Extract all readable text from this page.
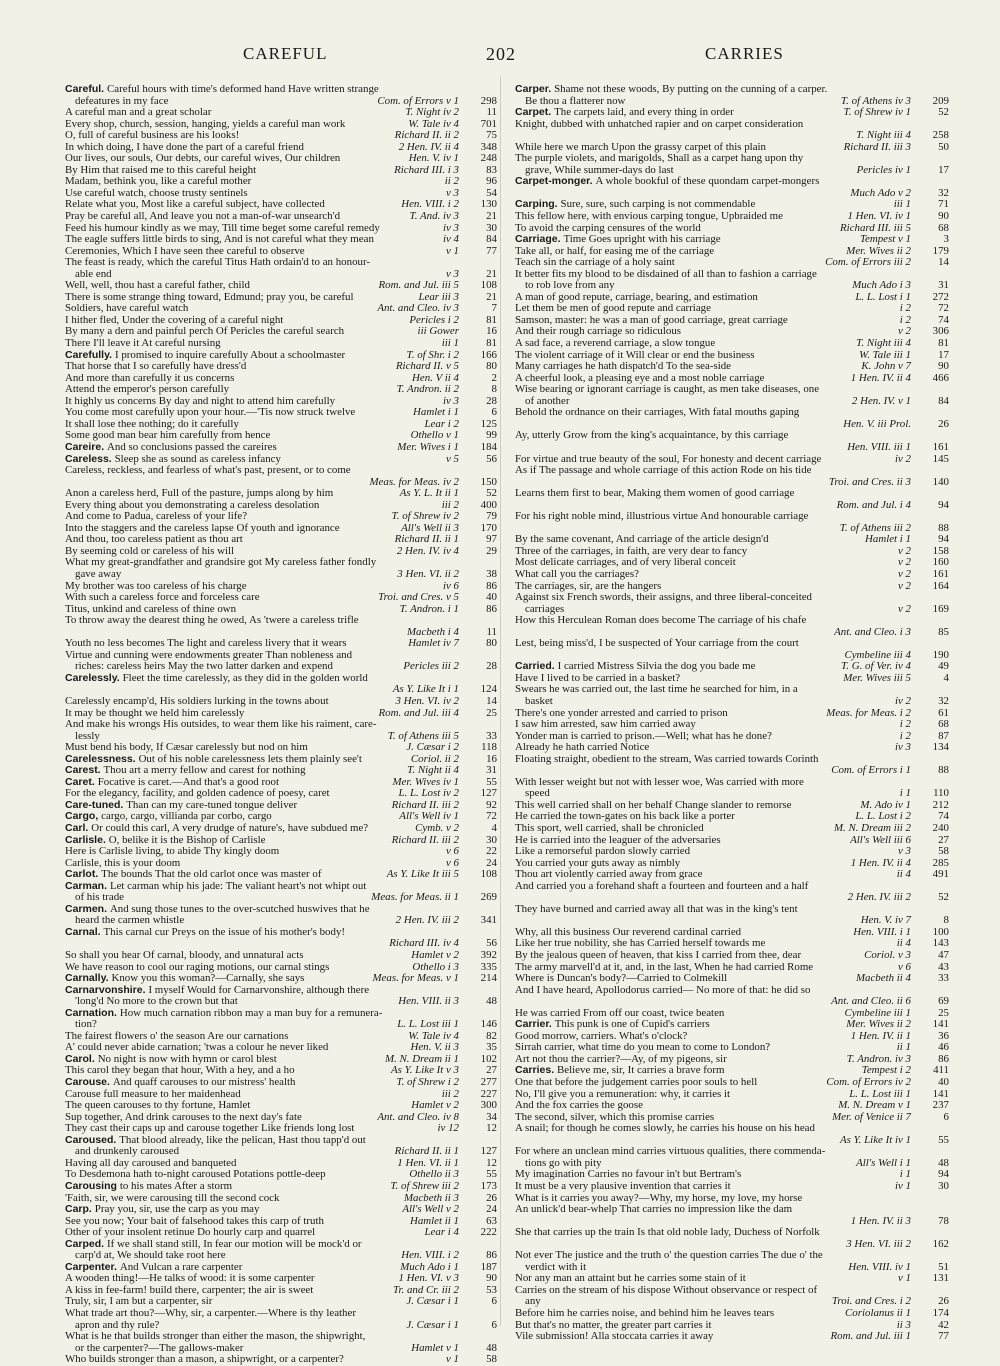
CAREFUL	202	CARRIES
Careful. Careful hours with time's deformed hand Have written strange
defeatures in my face	Com. of Errors v 1 298
A careful man and a great scholar	T. Night iv 2	11
Every shop, church, session, hanging, yields a careful man work	W. Tale iv 4 701
O, full of careful business are his looks!	Richard II. ii 2 75
In which doing, I have done the part of a careful friend	2 Hen. IV. ii 4 348
Our lives, our souls, Our debts, our careful wives, Our children	Hen. V. iv 1 248
By Him that raised me to this careful height	Richard III. i 3 83
Madam, bethink you, like a careful mother	ii 2 96
Use careful watch, choose trusty sentinels	v 3 54
Relate what you, Most like a careful subject, have collected	Hen. VIII. i 2 130
Pray be careful all, And leave you not a man-of-war unsearch'd	T. And. iv 3 21
Feed his humour kindly as we may, Till time beget some careful remedy	iv 3 30
The eagle suffers little birds to sing, And is not careful what they mean	iv 4 84
Ceremonies, Which I have seen thee careful to observe	v 1 77
The feast is ready, which the careful Titus Hath ordain'd to an honour-
able end	v 3 21
Well, well, thou hast a careful father, child	Rom. and Jul. iii 5 108
There is some strange thing toward, Edmund; pray you, be careful	Lear iii 3 21
Soldiers, have careful watch	Ant. and Cleo. iv 3	7
I hither fled, Under the covering of a careful night	Pericles i 2 81
By many a dern and painful perch Of Pericles the careful search	iii Gower 16
There I'll leave it At careful nursing	iii 1 81
Carefully. I promised to inquire carefully About a schoolmaster	T. of Shr. i 2 166
That horse that I so carefully have dress'd	Richard II. v 5 80
And more than carefully it us concerns	Hen. V ii 4	2
Attend the emperor's person carefully	T. Andron. ii 2	8
It highly us concerns By day and night to attend him carefully	iv 3 28
You come most carefully upon your hour.—'Tis now struck twelve	Hamlet i 1	6
It shall lose thee nothing; do it carefully	Lear i 2 125
Some good man bear him carefully from hence	Othello v 1 99
Careire. And so conclusions passed the careires	Mer. Wives i 1 184
Careless. Sleep she as sound as careless infancy	v 5 56
Careless, reckless, and fearless of what's past, present, or to come
Meas. for Meas. iv 2 150
Anon a careless herd, Full of the pasture, jumps along by him	As Y. L. It ii 1 52
Every thing about you demonstrating a careless desolation	iii 2 400
And come to Padua, careless of your life?	T. of Shrew iv 2 79
Into the staggers and the careless lapse Of youth and ignorance	All's Well ii 3 170
And thou, too careless patient as thou art	Richard II. ii 1 97
By seeming cold or careless of his will	2 Hen. IV. iv 4 29
What my great-grandfather and grandsire got My careless father fondly
gave away	3 Hen. VI. ii 2 38
My brother was too careless of his charge	iv 6 86
With such a careless force and forceless care	Troi. and Cres. v 5 40
Titus, unkind and careless of thine own	T. Andron. i 1 86
To throw away the dearest thing he owed, As 'twere a careless trifle
Macbeth i 4	11
Youth no less becomes The light and careless livery that it wears	Hamlet iv 7 80
Virtue and cunning were endowments greater Than nobleness and
riches: careless heirs May the two latter darken and expend	Pericles iii 2 28
Carelessly. Fleet the time carelessly, as they did in the golden world
As Y. Like It i 1 124
Carelessly encamp'd, His soldiers lurking in the towns about	3 Hen. VI. iv 2 14
It may be thought we held him carelessly	Rom. and Jul. iii 4 25
And make his wrongs His outsides, to wear them like his raiment, care-
lessly	T. of Athens iii 5 33
Must bend his body, If Cæsar carelessly but nod on him	J. Cæsar i 2 118
Carelessness. Out of his noble carelessness lets them plainly see't	Coriol. ii 2 16
Carest. Thou art a merry fellow and carest for nothing	T. Night ii 4 31
Caret. Focative is caret.—And that's a good root	Mer. Wives iv 1 55
For the elegancy, facility, and golden cadence of poesy, caret	L. L. Lost iv 2 127
Care-tuned. Than can my care-tuned tongue deliver	Richard II. iii 2 92
Cargo, cargo, cargo, villianda par corbo, cargo	All's Well iv 1 72
Carl. Or could this carl, A very drudge of nature's, have subdued me?	Cymb. v 2	4
Carlisle. O, belike it is the Bishop of Carlisle	Richard II. iii 2 30
Here is Carlisle living, to abide Thy kingly doom	v 6 22
Carlisle, this is your doom	v 6 24
Carlot. The bounds That the old carlot once was master of	As Y. Like It iii 5 108
Carman. Let carman whip his jade: The valiant heart's not whipt out
of his trade	Meas. for Meas. ii 1 269
Carmen. And sung those tunes to the over-scutched huswives that he
heard the carmen whistle	2 Hen. IV. iii 2 341
Carnal. This carnal cur Preys on the issue of his mother's body!
Richard III. iv 4 56
So shall you hear Of carnal, bloody, and unnatural acts	Hamlet v 2 392
We have reason to cool our raging motions, our carnal stings	Othello i 3 335
Carnally. Know you this woman?—Carnally, she says	Meas. for Meas. v 1 214
Carnarvonshire. I myself Would for Carnarvonshire, although there
'long'd No more to the crown but that	Hen. VIII. ii 3 48
Carnation. How much carnation ribbon may a man buy for a remunera-
tion?	L. L. Lost iii 1 146
The fairest flowers o' the season Are our carnations	W. Tale iv 4 82
A' could never abide carnation; 'twas a colour he never liked	Hen. V. ii 3 35
Carol. No night is now with hymn or carol blest	M. N. Dream ii 1 102
This carol they began that hour, With a hey, and a ho	As Y. Like It v 3 27
Carouse. And quaff carouses to our mistress' health	T. of Shrew i 2 277
Carouse full measure to her maidenhead	iii 2 227
The queen carouses to thy fortune, Hamlet	Hamlet v 2 300
Sup together, And drink carouses to the next day's fate	Ant. and Cleo. iv 8 34
They cast their caps up and carouse together Like friends long lost	iv 12 12
Caroused. That blood already, like the pelican, Hast thou tapp'd out
and drunkenly caroused	Richard II. ii 1 127
Having all day caroused and banqueted	1 Hen. VI. ii 1 12
To Desdemona hath to-night caroused Potations pottle-deep	Othello ii 3 55
Carousing to his mates After a storm	T. of Shrew iii 2 173
'Faith, sir, we were carousing till the second cock	Macbeth ii 3 26
Carp. Pray you, sir, use the carp as you may	All's Well v 2 24
See you now; Your bait of falsehood takes this carp of truth	Hamlet ii 1 63
Other of your insolent retinue Do hourly carp and quarrel	Lear i 4 222
Carped. If we shall stand still, In fear our motion will be mock'd or
carp'd at, We should take root here	Hen. VIII. i 2 86
Carpenter. And Vulcan a rare carpenter	Much Ado i 1 187
A wooden thing!—He talks of wood: it is some carpenter	1 Hen. VI. v 3 90
A kiss in fee-farm! build there, carpenter; the air is sweet	Tr. and Cr. iii 2 53
Truly, sir, I am but a carpenter, sir	J. Cæsar i 1	6
What trade art thou?—Why, sir, a carpenter.—Where is thy leather
apron and thy rule?	J. Cæsar i 1	6
What is he that builds stronger than either the mason, the shipwright,
or the carpenter?—The gallows-maker	Hamlet v 1 48
Who builds stronger than a mason, a shipwright, or a carpenter?	v 1 58
Carper. Shame not these woods, By putting on the cunning of a carper.
Be thou a flatterer now	T. of Athens iv 3 209
Carpet. The carpets laid, and every thing in order	T. of Shrew iv 1 52
Knight, dubbed with unhatched rapier and on carpet consideration
T. Night iii 4 258
While here we march Upon the grassy carpet of this plain	Richard II. iii 3 50
The purple violets, and marigolds, Shall as a carpet hang upon thy
grave, While summer-days do last	Pericles iv 1 17
Carpet-monger. A whole bookful of these quondam carpet-mongers
Much Ado v 2 32
Carping. Sure, sure, such carping is not commendable	iii 1 71
This fellow here, with envious carping tongue, Upbraided me	1 Hen. VI. iv 1 90
To avoid the carping censures of the world	Richard III. iii 5 68
Carriage. Time Goes upright with his carriage	Tempest v 1	3
Take all, or half, for easing me of the carriage	Mer. Wives ii 2 179
Teach sin the carriage of a holy saint	Com. of Errors iii 2 14
It better fits my blood to be disdained of all than to fashion a carriage
to rob love from any	Much Ado i 3 31
A man of good repute, carriage, bearing, and estimation	L. L. Lost i 1 272
Let them be men of good repute and carriage	i 2 72
Samson, master: he was a man of good carriage, great carriage	i 2 74
And their rough carriage so ridiculous	v 2 306
A sad face, a reverend carriage, a slow tongue	T. Night iii 4 81
The violent carriage of it Will clear or end the business	W. Tale iii 1 17
Many carriages he hath dispatch'd To the sea-side	K. John v 7 90
A cheerful look, a pleasing eye and a most noble carriage	1 Hen. IV. ii 4 466
Wise bearing or ignorant carriage is caught, as men take diseases, one
of another	2 Hen. IV. v 1 84
Behold the ordnance on their carriages, With fatal mouths gaping
Hen. V. iii Prol. 26
Ay, utterly Grow from the king's acquaintance, by this carriage
Hen. VIII. iii 1 161
For virtue and true beauty of the soul, For honesty and decent carriage	iv 2 145
As if The passage and whole carriage of this action Rode on his tide
Troi. and Cres. ii 3 140
Learns them first to bear, Making them women of good carriage
Rom. and Jul. i 4 94
For his right noble mind, illustrious virtue And honourable carriage
T. of Athens iii 2 88
By the same covenant, And carriage of the article design'd	Hamlet i 1 94
Three of the carriages, in faith, are very dear to fancy	v 2 158
Most delicate carriages, and of very liberal conceit	v 2 160
What call you the carriages?	v 2 161
The carriages, sir, are the hangers	v 2 164
Against six French swords, their assigns, and three liberal-conceited
carriages	v 2 169
How this Herculean Roman does become The carriage of his chafe
Ant. and Cleo. i 3 85
Lest, being miss'd, I be suspected of Your carriage from the court
Cymbeline iii 4 190
Carried. I carried Mistress Silvia the dog you bade me	T. G. of Ver. iv 4 49
Have I lived to be carried in a basket?	Mer. Wives iii 5	4
Swears he was carried out, the last time he searched for him, in a
basket	iv 2 32
There's one yonder arrested and carried to prison	Meas. for Meas. i 2 61
I saw him arrested, saw him carried away	i 2 68
Yonder man is carried to prison.—Well; what has he done?	i 2 87
Already he hath carried Notice	iv 3 134
Floating straight, obedient to the stream, Was carried towards Corinth
Com. of Errors i 1 88
With lesser weight but not with lesser woe, Was carried with more
speed	i 1 110
This well carried shall on her behalf Change slander to remorse	M. Ado iv 1 212
He carried the town-gates on his back like a porter	L. L. Lost i 2 74
This sport, well carried, shall be chronicled	M. N. Dream iii 2 240
He is carried into the leaguer of the adversaries	All's Well iii 6 27
Like a remorseful pardon slowly carried	v 3 58
You carried your guts away as nimbly	1 Hen. IV. ii 4 285
Thou art violently carried away from grace	ii 4 491
And carried you a forehand shaft a fourteen and fourteen and a half
2 Hen. IV. iii 2 52
They have burned and carried away all that was in the king's tent
Hen. V. iv 7	8
Why, all this business Our reverend cardinal carried	Hen. VIII. i 1 100
Like her true nobility, she has Carried herself towards me	ii 4 143
By the jealous queen of heaven, that kiss I carried from thee, dear	Coriol. v 3 47
The army marvell'd at it, and, in the last, When he had carried Rome	v 6 43
Where is Duncan's body?—Carried to Colmekill	Macbeth ii 4 33
And I have heard, Apollodorus carried— No more of that: he did so
Ant. and Cleo. ii 6 69
He was carried From off our coast, twice beaten	Cymbeline iii 1 25
Carrier. This punk is one of Cupid's carriers	Mer. Wives ii 2 141
Good morrow, carriers. What's o'clock?	1 Hen. IV. ii 1 36
Sirrah carrier, what time do you mean to come to London?	ii 1 46
Art not thou the carrier?—Ay, of my pigeons, sir	T. Andron. iv 3 86
Carries. Believe me, sir, It carries a brave form	Tempest i 2 411
One that before the judgement carries poor souls to hell	Com. of Errors iv 2 40
No, I'll give you a remuneration: why, it carries it	L. L. Lost iii 1 141
And the fox carries the goose	M. N. Dream v 1 237
The second, silver, which this promise carries	Mer. of Venice ii 7	6
A snail; for though he comes slowly, he carries his house on his head
As Y. Like It iv 1 55
For where an unclean mind carries virtuous qualities, there commenda-
tions go with pity	All's Well i 1 48
My imagination Carries no favour in't but Bertram's	i 1 94
It must be a very plausive invention that carries it	iv 1 30
What is it carries you away?—Why, my horse, my love, my horse
An unlick'd bear-whelp That carries no impression like the dam
1 Hen. IV. ii 3 78
She that carries up the train Is that old noble lady, Duchess of Norfolk
3 Hen. VI. iii 2 162
Not ever The justice and the truth o' the question carries The due o' the
verdict with it	Hen. VIII. iv 1 51
Nor any man an attaint but he carries some stain of it	v 1 131
Carries on the stream of his dispose Without observance or respect of
any	Troi. and Cres. i 2 26
Before him he carries noise, and behind him he leaves tears	Coriolanus ii 1 174
But that's no matter, the greater part carries it	ii 3 42
Vile submission! Alla stoccata carries it away	Rom. and Jul. iii 1 77
